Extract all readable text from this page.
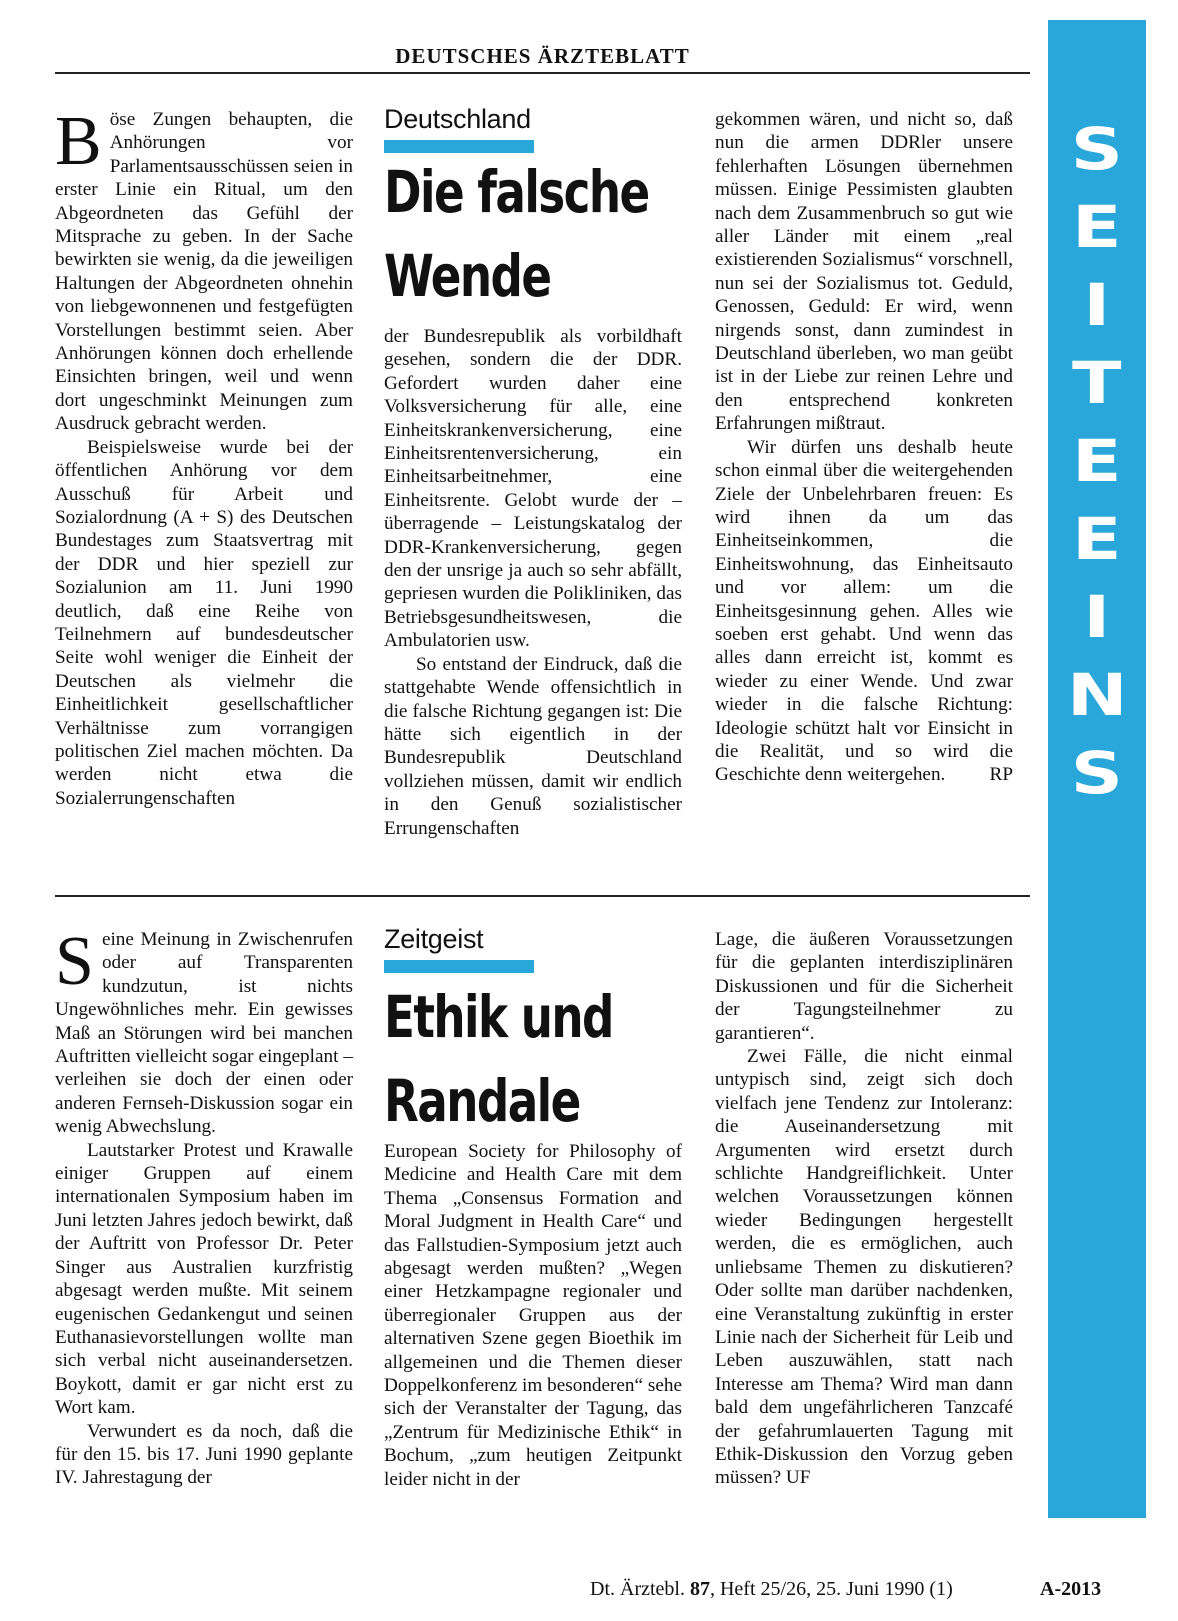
DEUTSCHES ÄRZTEBLATT
S
E
I
T
E
E
I
N
S
Deutschland
Die falsche
Wende

Böse Zungen behaupten, die Anhörungen vor Parlamentsausschüssen seien in erster Linie ein Ritual, um den Abgeordneten das Gefühl der Mitsprache zu geben. In der Sache bewirkten sie wenig, da die jeweiligen Haltungen der Abgeordneten ohnehin von liebgewonnenen und festgefügten Vorstellungen bestimmt seien. Aber Anhörungen können doch erhellende Einsichten bringen, weil und wenn dort ungeschminkt Meinungen zum Ausdruck gebracht werden.

Beispielsweise wurde bei der öffentlichen Anhörung vor dem Ausschuß für Arbeit und Sozialordnung (A + S) des Deutschen Bundestages zum Staatsvertrag mit der DDR und hier speziell zur Sozialunion am 11. Juni 1990 deutlich, daß eine Reihe von Teilnehmern auf bundesdeutscher Seite wohl weniger die Einheit der Deutschen als vielmehr die Einheitlichkeit gesellschaftlicher Verhältnisse zum vorrangigen politischen Ziel machen möchten. Da werden nicht etwa die Sozialerrungenschaften

der Bundesrepublik als vorbildhaft gesehen, sondern die der DDR. Gefordert wurden daher eine Volksversicherung für alle, eine Einheitskrankenversicherung, eine Einheitsrentenversicherung, ein Einheitsarbeitnehmer, eine Einheitsrente. Gelobt wurde der – überragende – Leistungskatalog der DDR-Krankenversicherung, gegen den der unsrige ja auch so sehr abfällt, gepriesen wurden die Polikliniken, das Betriebsgesundheitswesen, die Ambulatorien usw.

So entstand der Eindruck, daß die stattgehabte Wende offensichtlich in die falsche Richtung gegangen ist: Die hätte sich eigentlich in der Bundesrepublik Deutschland vollziehen müssen, damit wir endlich in den Genuß sozialistischer Errungenschaften

gekommen wären, und nicht so, daß nun die armen DDRler unsere fehlerhaften Lösungen übernehmen müssen. Einige Pessimisten glaubten nach dem Zusammenbruch so gut wie aller Länder mit einem „real existierenden Sozialismus“ vorschnell, nun sei der Sozialismus tot. Geduld, Genossen, Geduld: Er wird, wenn nirgends sonst, dann zumindest in Deutschland überleben, wo man geübt ist in der Liebe zur reinen Lehre und den entsprechend konkreten Erfahrungen mißtraut.

Wir dürfen uns deshalb heute schon einmal über die weitergehenden Ziele der Unbelehrbaren freuen: Es wird ihnen da um das Einheitseinkommen, die Einheitswohnung, das Einheitsauto und vor allem: um die Einheitsgesinnung gehen. Alles wie soeben erst gehabt. Und wenn das alles dann erreicht ist, kommt es wieder zu einer Wende. Und zwar wieder in die falsche Richtung: Ideologie schützt halt vor Einsicht in die Realität, und so wird die Geschichte denn weitergehen.	RP

Zeitgeist
Ethik und
Randale

Seine Meinung in Zwischenrufen oder auf Transparenten kundzutun, ist nichts Ungewöhnliches mehr. Ein gewisses Maß an Störungen wird bei manchen Auftritten vielleicht sogar eingeplant – verleihen sie doch der einen oder anderen Fernseh-Diskussion sogar ein wenig Abwechslung.

Lautstarker Protest und Krawalle einiger Gruppen auf einem internationalen Symposium haben im Juni letzten Jahres jedoch bewirkt, daß der Auftritt von Professor Dr. Peter Singer aus Australien kurzfristig abgesagt werden mußte. Mit seinem eugenischen Gedankengut und seinen Euthanasievorstellungen wollte man sich verbal nicht auseinandersetzen. Boykott, damit er gar nicht erst zu Wort kam.

Verwundert es da noch, daß die für den 15. bis 17. Juni 1990 geplante IV. Jahrestagung der

European Society for Philosophy of Medicine and Health Care mit dem Thema „Consensus Formation and Moral Judgment in Health Care“ und das Fallstudien-Symposium jetzt auch abgesagt werden mußten? „Wegen einer Hetzkampagne regionaler und überregionaler Gruppen aus der alternativen Szene gegen Bioethik im allgemeinen und die Themen dieser Doppelkonferenz im besonderen“ sehe sich der Veranstalter der Tagung, das „Zentrum für Medizinische Ethik“ in Bochum, „zum heutigen Zeitpunkt leider nicht in der

Lage, die äußeren Voraussetzungen für die geplanten interdisziplinären Diskussionen und für die Sicherheit der Tagungsteilnehmer zu garantieren“.

Zwei Fälle, die nicht einmal untypisch sind, zeigt sich doch vielfach jene Tendenz zur Intoleranz: die Auseinandersetzung mit Argumenten wird ersetzt durch schlichte Handgreiflichkeit. Unter welchen Voraussetzungen können wieder Bedingungen hergestellt werden, die es ermöglichen, auch unliebsame Themen zu diskutieren? Oder sollte man darüber nachdenken, eine Veranstaltung zukünftig in erster Linie nach der Sicherheit für Leib und Leben auszuwählen, statt nach Interesse am Thema? Wird man dann bald dem ungefährlicheren Tanzcafé der gefahrumlauerten Tagung mit Ethik-Diskussion den Vorzug geben müssen? UF

Dt. Ärztebl. 87, Heft 25/26, 25. Juni 1990 (1)	A-2013
